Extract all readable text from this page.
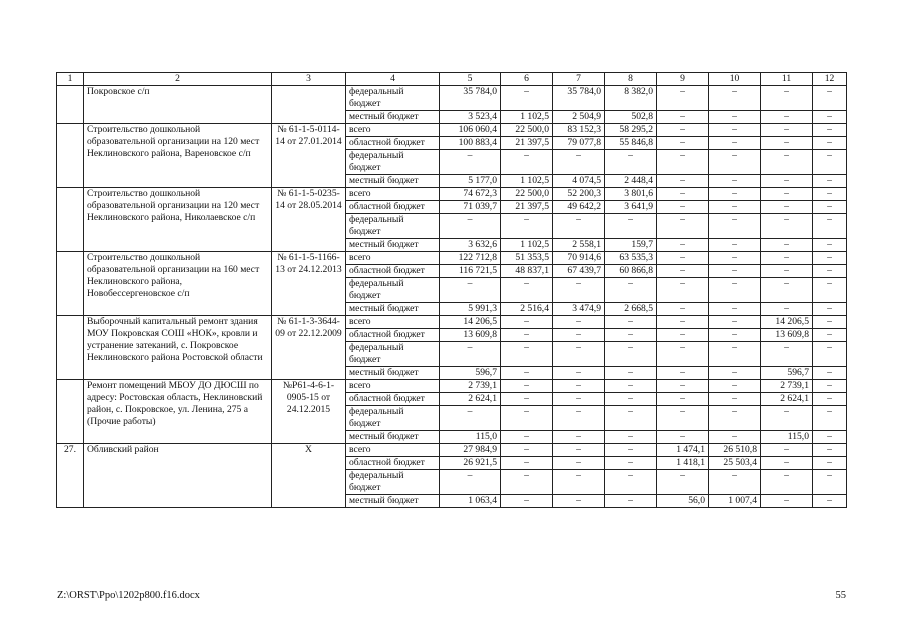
1	2	3	4	5	6	7	8	9	10	11	12
	Покровское с/п		федеральный бюджет	35 784,0	–	35 784,0	8 382,0	–	–	–	–
			местный бюджет	3 523,4	1 102,5	2 504,9	502,8	–	–	–	–
	Строительство дошкольной образовательной организации на 120 мест Неклиновского района, Вареновское с/п	№ 61-1-5-0114-14 от 27.01.2014	всего	106 060,4	22 500,0	83 152,3	58 295,2	–	–	–	–
			областной бюджет	100 883,4	21 397,5	79 077,8	55 846,8	–	–	–	–
			федеральный бюджет	–	–	–	–	–	–	–	–
			местный бюджет	5 177,0	1 102,5	4 074,5	2 448,4	–	–	–	–
	Строительство дошкольной образовательной организации на 120 мест Неклиновского района, Николаевское с/п	№ 61-1-5-0235-14 от 28.05.2014	всего	74 672,3	22 500,0	52 200,3	3 801,6	–	–	–	–
			областной бюджет	71 039,7	21 397,5	49 642,2	3 641,9	–	–	–	–
			федеральный бюджет	–	–	–	–	–	–	–	–
			местный бюджет	3 632,6	1 102,5	2 558,1	159,7	–	–	–	–
	Строительство дошкольной образовательной организации на 160 мест Неклиновского района, Новобессергеновское с/п	№ 61-1-5-1166-13 от 24.12.2013	всего	122 712,8	51 353,5	70 914,6	63 535,3	–	–	–	–
			областной бюджет	116 721,5	48 837,1	67 439,7	60 866,8	–	–	–	–
			федеральный бюджет	–	–	–	–	–	–	–	–
			местный бюджет	5 991,3	2 516,4	3 474,9	2 668,5	–	–	–	–
	Выборочный капитальный ремонт здания МОУ Покровская СОШ «НОК», кровли и устранение затеканий, с. Покровское Неклиновского района Ростовской области	№ 61-1-3-3644-09 от 22.12.2009	всего	14 206,5	–	–	–	–	–	14 206,5	–
			областной бюджет	13 609,8	–	–	–	–	–	13 609,8	–
			федеральный бюджет	–	–	–	–	–	–	–	–
			местный бюджет	596,7	–	–	–	–	–	596,7	–
	Ремонт помещений МБОУ ДО ДЮСШ по адресу: Ростовская область, Неклиновский район, с. Покровское, ул. Ленина, 275 а (Прочие работы)	№Р61-4-6-1-0905-15 от 24.12.2015	всего	2 739,1	–	–	–	–	–	2 739,1	–
			областной бюджет	2 624,1	–	–	–	–	–	2 624,1	–
			федеральный бюджет	–	–	–	–	–	–	–	–
			местный бюджет	115,0	–	–	–	–	–	115,0	–
27.	Обливский район	Х	всего	27 984,9	–	–	–	1 474,1	26 510,8	–	–
			областной бюджет	26 921,5	–	–	–	1 418,1	25 503,4	–	–
			федеральный бюджет	–	–	–	–	–	–	–	–
			местный бюджет	1 063,4	–	–	–	56,0	1 007,4	–	–
Z:\ORST\Ppo\1202p800.f16.docx	55
